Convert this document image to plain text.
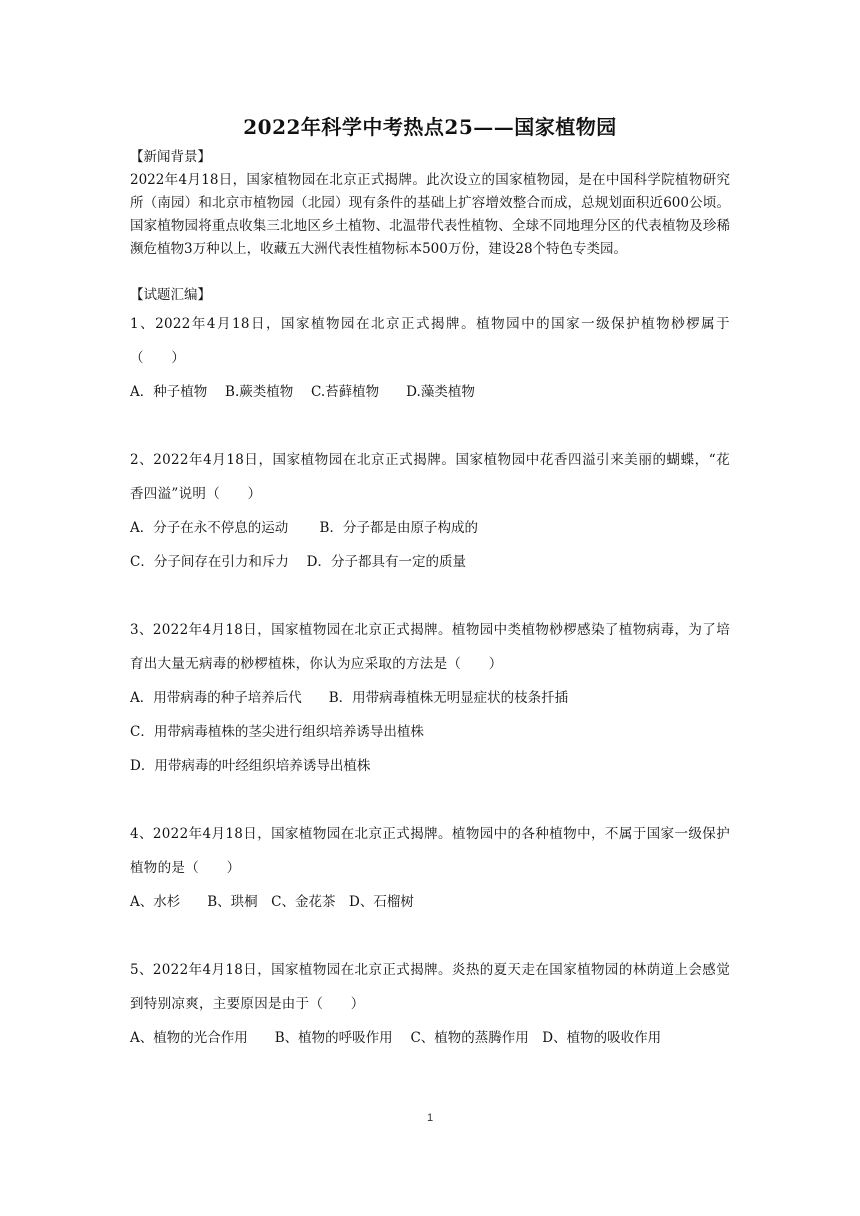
2022年科学中考热点25——国家植物园

【新闻背景】

2022年4月18日，国家植物园在北京正式揭牌。此次设立的国家植物园，是在中国科学院植物研究所（南园）和北京市植物园（北园）现有条件的基础上扩容增效整合而成，总规划面积近600公顷。国家植物园将重点收集三北地区乡土植物、北温带代表性植物、全球不同地理分区的代表植物及珍稀濒危植物3万种以上，收藏五大洲代表性植物标本500万份，建设28个特色专类园。

【试题汇编】

1、2022年4月18日，国家植物园在北京正式揭牌。植物园中的国家一级保护植物桫椤属于（　　）

A．种子植物　 B.蕨类植物　 C.苔藓植物　　D.藻类植物

2、2022年4月18日，国家植物园在北京正式揭牌。国家植物园中花香四溢引来美丽的蝴蝶，“花香四溢”说明（　　）

A．分子在永不停息的运动　　 B．分子都是由原子构成的

C．分子间存在引力和斥力　 D．分子都具有一定的质量

3、2022年4月18日，国家植物园在北京正式揭牌。植物园中类植物桫椤感染了植物病毒，为了培育出大量无病毒的桫椤植株，你认为应采取的方法是（　　）

A．用带病毒的种子培养后代　　B．用带病毒植株无明显症状的枝条扦插

C．用带病毒植株的茎尖进行组织培养诱导出植株

D．用带病毒的叶经组织培养诱导出植株

4、2022年4月18日，国家植物园在北京正式揭牌。植物园中的各种植物中，不属于国家一级保护植物的是（　　）

A、水杉　　B、珙桐　C、金花茶　D、石榴树

5、2022年4月18日，国家植物园在北京正式揭牌。炎热的夏天走在国家植物园的林荫道上会感觉到特别凉爽，主要原因是由于（　　）

A、植物的光合作用　　B、植物的呼吸作用　 C、植物的蒸腾作用　D、植物的吸收作用

1
